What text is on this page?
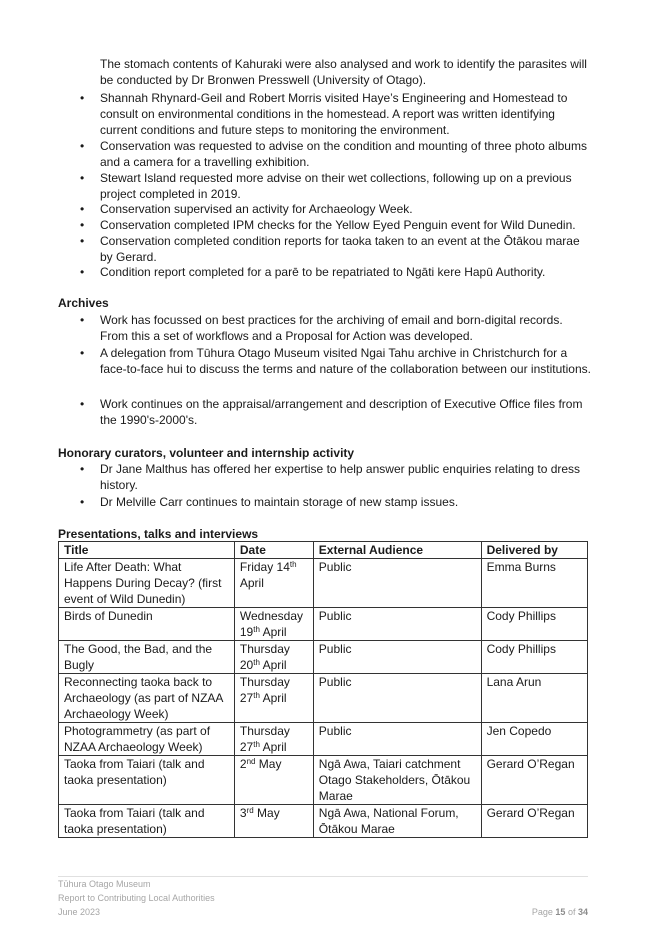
The stomach contents of Kahuraki were also analysed and work to identify the parasites will be conducted by Dr Bronwen Presswell (University of Otago).

• Shannah Rhynard-Geil and Robert Morris visited Haye’s Engineering and Homestead to consult on environmental conditions in the homestead. A report was written identifying current conditions and future steps to monitoring the environment.
• Conservation was requested to advise on the condition and mounting of three photo albums and a camera for a travelling exhibition.
• Stewart Island requested more advise on their wet collections, following up on a previous project completed in 2019.
• Conservation supervised an activity for Archaeology Week.
• Conservation completed IPM checks for the Yellow Eyed Penguin event for Wild Dunedin.
• Conservation completed condition reports for taoka taken to an event at the Ōtākou marae by Gerard.
• Condition report completed for a parē to be repatriated to Ngāti kere Hapū Authority.

Archives

• Work has focussed on best practices for the archiving of email and born-digital records. From this a set of workflows and a Proposal for Action was developed.
• A delegation from Tūhura Otago Museum visited Ngai Tahu archive in Christchurch for a face-to-face hui to discuss the terms and nature of the collaboration between our institutions.
• Work continues on the appraisal/arrangement and description of Executive Office files from the 1990's-2000's.

Honorary curators, volunteer and internship activity

• Dr Jane Malthus has offered her expertise to help answer public enquiries relating to dress history.
• Dr Melville Carr continues to maintain storage of new stamp issues.

Presentations, talks and interviews

Title	Date	External Audience	Delivered by
Life After Death: What Happens During Decay? (first event of Wild Dunedin)	Friday 14th April	Public	Emma Burns
Birds of Dunedin	Wednesday 19th April	Public	Cody Phillips
The Good, the Bad, and the Bugly	Thursday 20th April	Public	Cody Phillips
Reconnecting taoka back to Archaeology (as part of NZAA Archaeology Week)	Thursday 27th April	Public	Lana Arun
Photogrammetry (as part of NZAA Archaeology Week)	Thursday 27th April	Public	Jen Copedo
Taoka from Taiari (talk and taoka presentation)	2nd May	Ngā Awa, Taiari catchment Otago Stakeholders, Ōtākou Marae	Gerard O’Regan
Taoka from Taiari (talk and taoka presentation)	3rd May	Ngā Awa, National Forum, Ōtākou Marae	Gerard O’Regan

Tūhura Otago Museum

Report to Contributing Local Authorities

June 2023	Page 15 of 34
